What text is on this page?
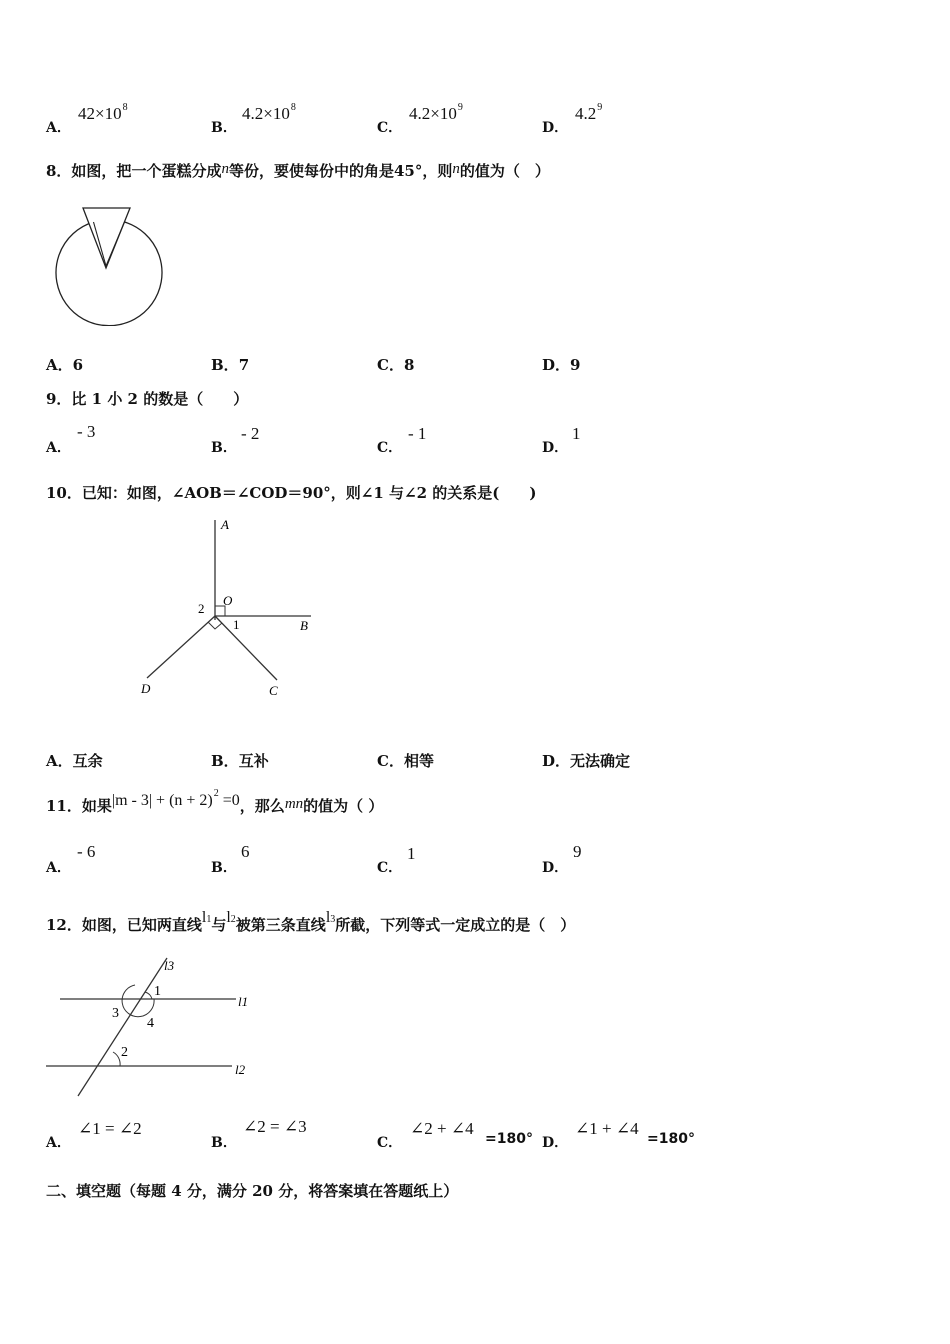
A．
$42\times 10^8$
B．
$4.2\times 10^8$
C．
$4.2\times 10^9$
D．
$4.2^9$
8．如图，把一个蛋糕分成n等份，要使每份中的角是45°，则n的值为（　）
A．6	B．7	C．8	D．9
9．比 1 小 2 的数是（　　）
A．
- 3
B．
- 2
C．
- 1
D．
1
10．已知：如图，∠AOB＝∠COD＝90°，则∠1 与∠2 的关系是(　　)
A
O
B
C
D
1
2
A．互余	B．互补	C．相等	D．无法确定
11．如果$|m - 3| + (n + 2)^2 =0$，那么mn的值为（ ）
A．
- 6
B．
6
C．
1
D．
9
12．如图，已知两直线l1与l2被第三条直线l3所截，下列等式一定成立的是（　）
l3
l1
l2
1
3
4
2
A．
∠1 = ∠2
B．
∠2 = ∠3
C．
∠2 + ∠4
=180° D．
∠1 + ∠4
=180°
二、填空题（每题 4 分，满分 20 分，将答案填在答题纸上）
